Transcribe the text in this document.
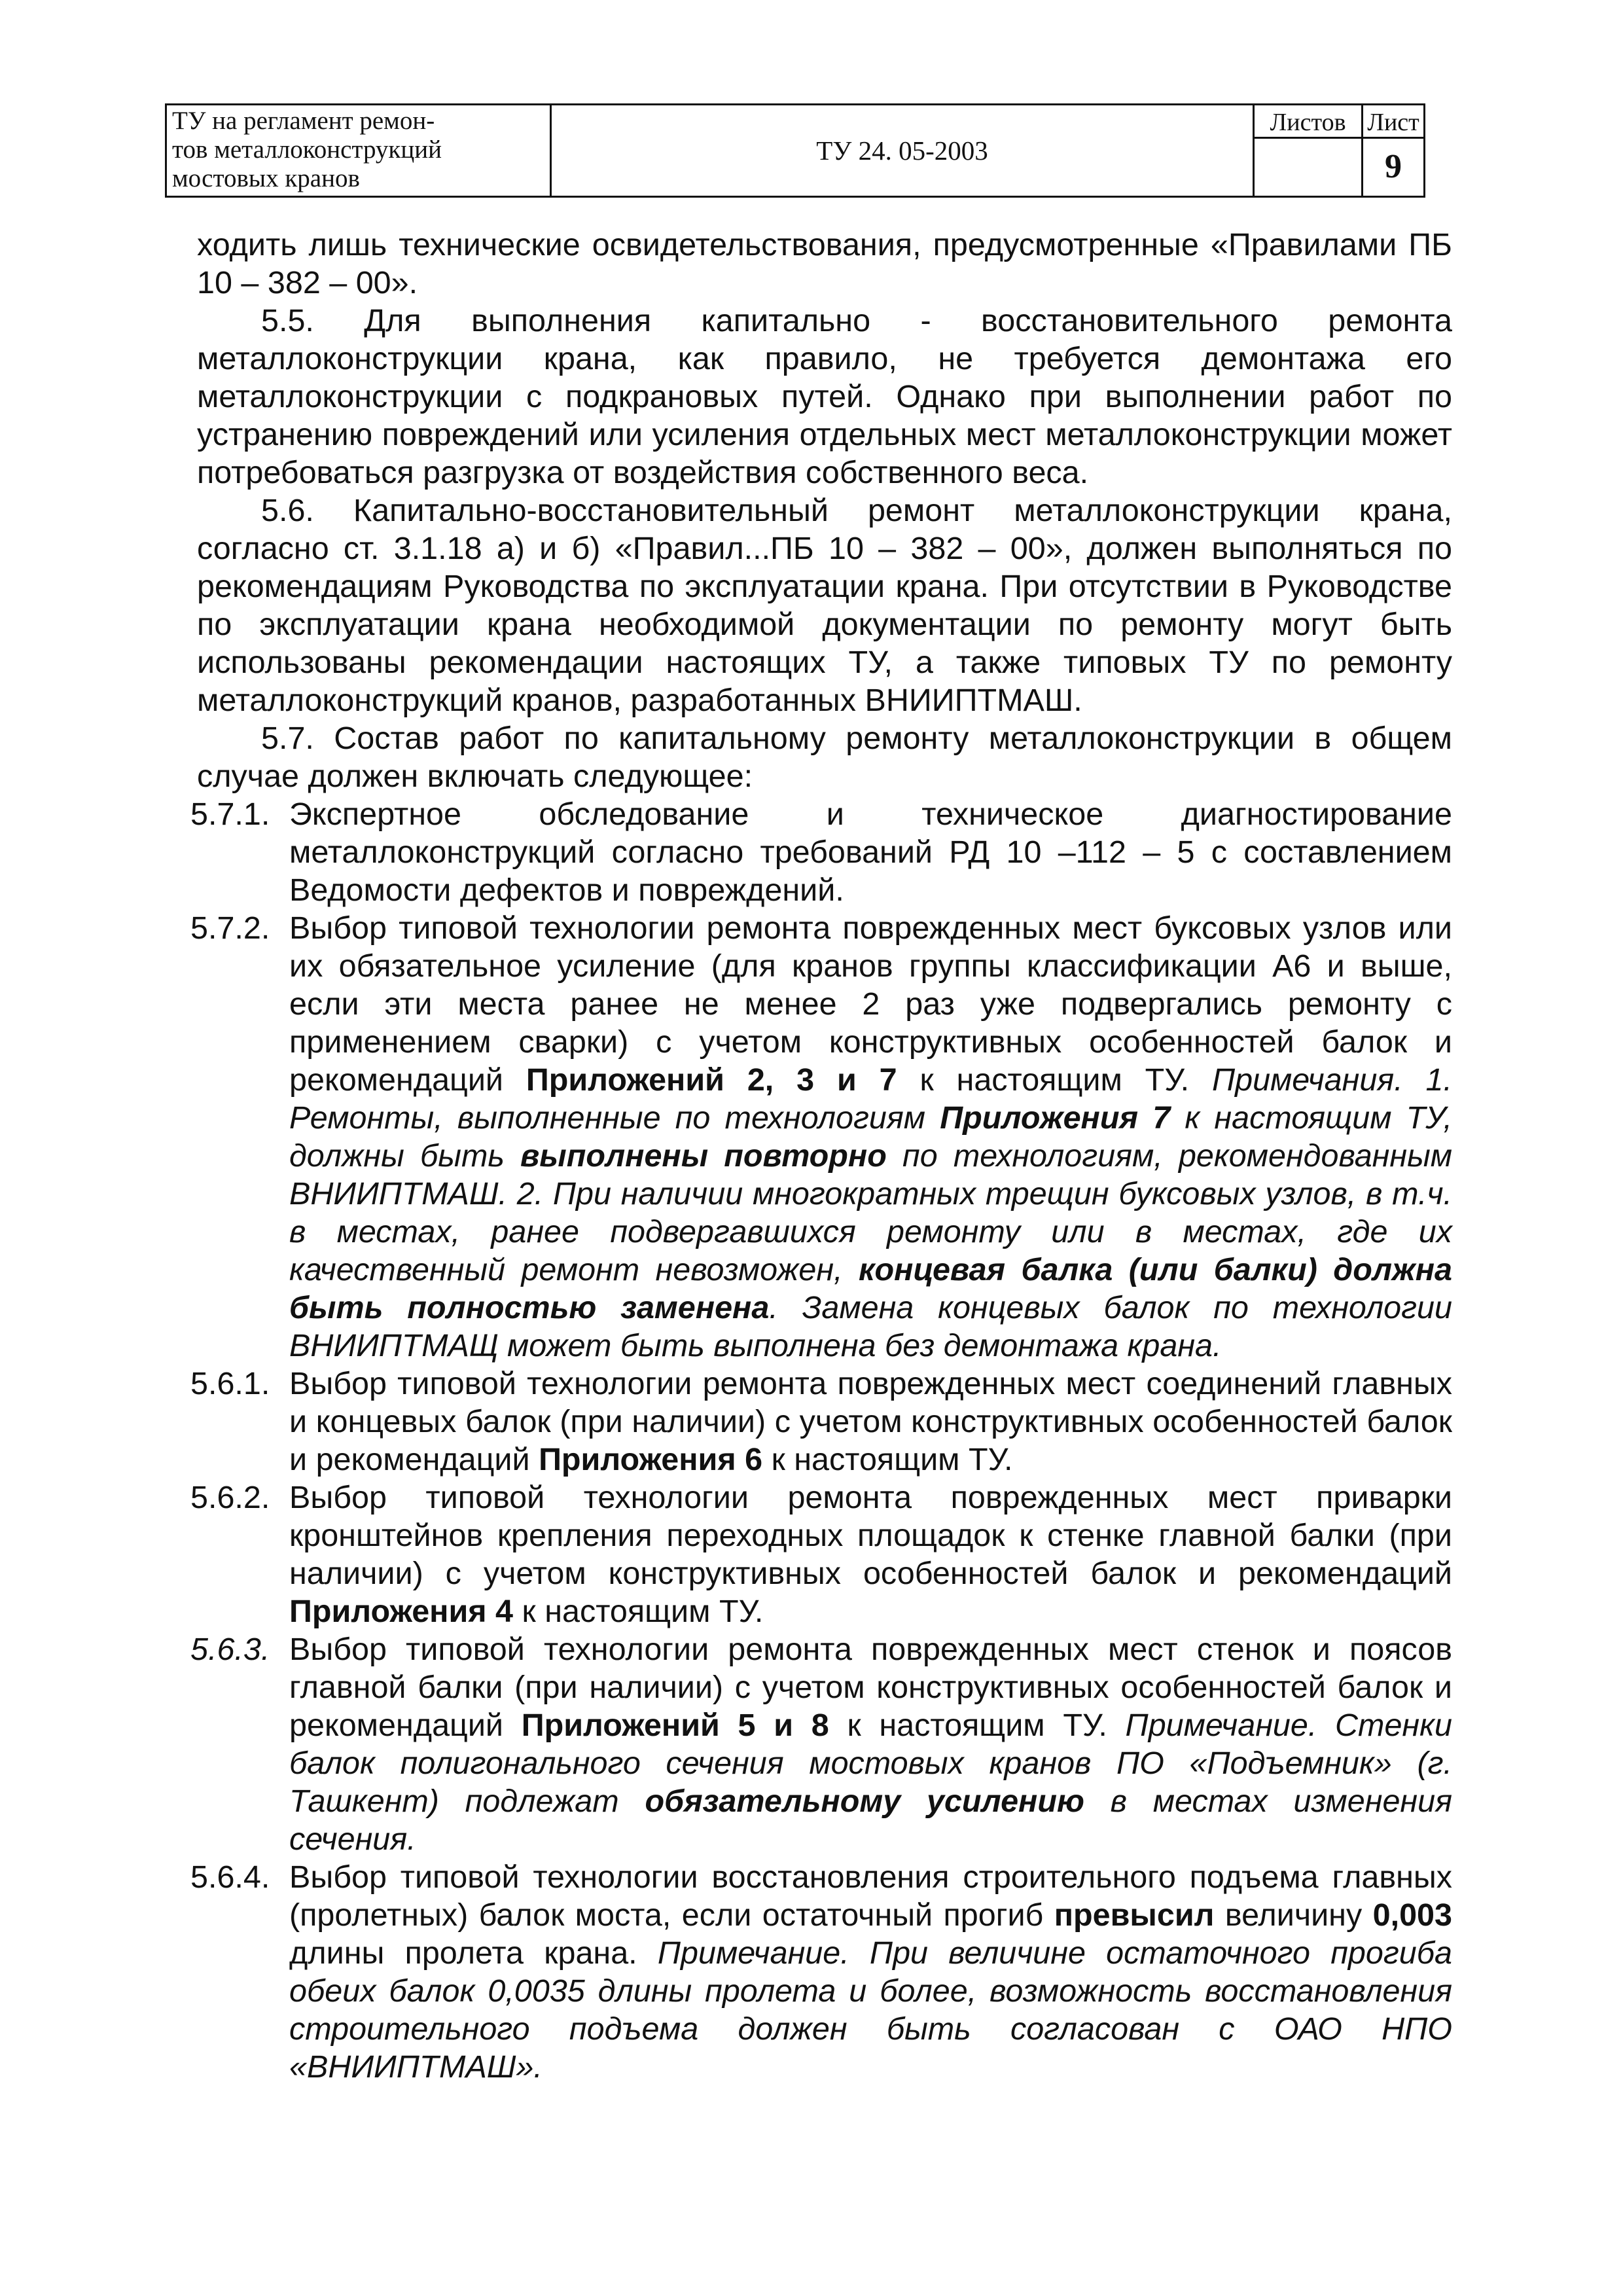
ТУ на регламент ремон-
тов металлоконструкций
мостовых кранов
ТУ 24. 05-2003
Листов Лист
9

ходить лишь технические освидетельствования, предусмотренные «Правилами ПБ 10 – 382 – 00».

5.5. Для выполнения капитально - восстановительного ремонта металлоконструкции крана, как правило, не требуется демонтажа его металлоконструкции с подкрановых путей. Однако при выполнении работ по устранению повреждений или усиления отдельных мест металлоконструкции может потребоваться разгрузка от воздействия собственного веса.

5.6. Капитально-восстановительный ремонт металлоконструкции крана, согласно ст. 3.1.18 а) и б) «Правил...ПБ 10 – 382 – 00», должен выполняться по рекомендациям Руководства по эксплуатации крана. При отсутствии в Руководстве по эксплуатации крана необходимой документации по ремонту могут быть использованы рекомендации настоящих ТУ, а также типовых ТУ по ремонту металлоконструкций кранов, разработанных ВНИИПТМАШ.

5.7. Состав работ по капитальному ремонту металлоконструкции в общем случае должен включать следующее:

5.7.1. Экспертное обследование и техническое диагностирование металлоконструкций согласно требований РД 10 –112 – 5 с составлением Ведомости дефектов и повреждений.
5.7.2. Выбор типовой технологии ремонта поврежденных мест буксовых узлов или их обязательное усиление (для кранов группы классификации А6 и выше, если эти места ранее не менее 2 раз уже подвергались ремонту с применением сварки) с учетом конструктивных особенностей балок и рекомендаций Приложений 2, 3 и 7 к настоящим ТУ. Примечания. 1. Ремонты, выполненные по технологиям Приложения 7 к настоящим ТУ, должны быть выполнены повторно по технологиям, рекомендованным ВНИИПТМАШ. 2. При наличии многократных трещин буксовых узлов, в т.ч. в местах, ранее подвергавшихся ремонту или в местах, где их качественный ремонт невозможен, концевая балка (или балки) должна быть полностью заменена. Замена концевых балок по технологии ВНИИПТМАЩ может быть выполнена без демонтажа крана.
5.6.1. Выбор типовой технологии ремонта поврежденных мест соединений главных и концевых балок (при наличии) с учетом конструктивных особенностей балок и рекомендаций Приложения 6 к настоящим ТУ.
5.6.2. Выбор типовой технологии ремонта поврежденных мест приварки кронштейнов крепления переходных площадок к стенке главной балки (при наличии) с учетом конструктивных особенностей балок и рекомендаций Приложения 4 к настоящим ТУ.
5.6.3. Выбор типовой технологии ремонта поврежденных мест стенок и поясов главной балки (при наличии) с учетом конструктивных особенностей балок и рекомендаций Приложений 5 и 8 к настоящим ТУ. Примечание. Стенки балок полигонального сечения мостовых кранов ПО «Подъемник» (г. Ташкент) подлежат обязательному усилению в местах изменения сечения.
5.6.4. Выбор типовой технологии восстановления строительного подъема главных (пролетных) балок моста, если остаточный прогиб превысил величину 0,003 длины пролета крана. Примечание. При величине остаточного прогиба обеих балок 0,0035 длины пролета и более, возможность восстановления строительного подъема должен быть согласован с ОАО НПО «ВНИИПТМАШ».
